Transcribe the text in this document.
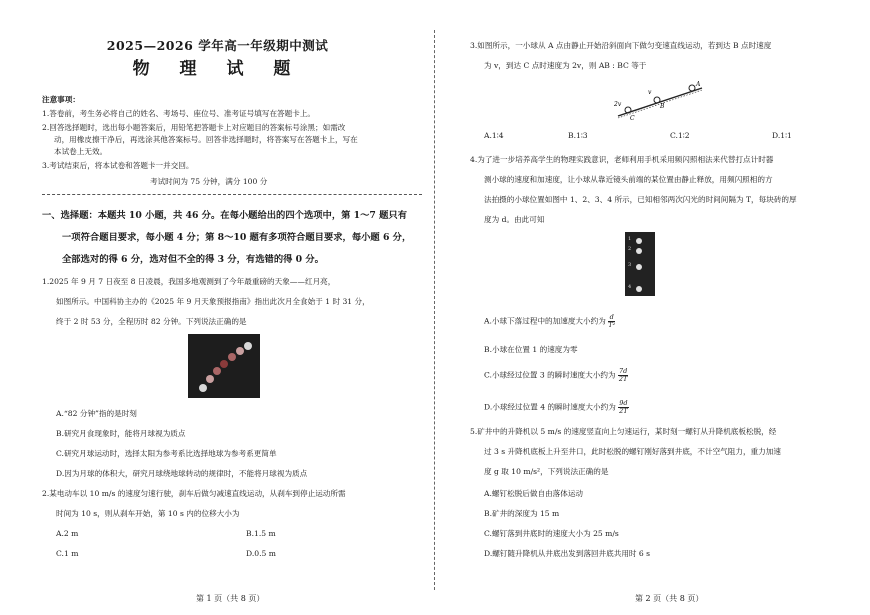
2025—2026 学年高一年级期中测试
物 理 试 题
注意事项：
1.答卷前，考生务必将自己的姓名、考场号、座位号、准考证号填写在答题卡上。
2.回答选择题时，选出每小题答案后，用铅笔把答题卡上对应题目的答案标号涂黑；如需改
动，用橡皮擦干净后，再选涂其他答案标号。回答非选择题时，将答案写在答题卡上，写在
本试卷上无效。
3.考试结束后，将本试卷和答题卡一并交回。
考试时间为 75 分钟，满分 100 分
一、选择题：本题共 10 小题，共 46 分。在每小题给出的四个选项中，第 1～7 题只有
一项符合题目要求，每小题 4 分；第 8～10 题有多项符合题目要求，每小题 6 分，
全部选对的得 6 分，选对但不全的得 3 分，有选错的得 0 分。
1.2025 年 9 月 7 日夜至 8 日凌晨，我国多地观测到了今年最重磅的天象——红月亮，
如图所示。中国科协主办的《2025 年 9 月天象预报指南》指出此次月全食始于 1 时 31 分，
终于 2 时 53 分，全程历时 82 分钟。下列说法正确的是
A.“82 分钟”指的是时刻
B.研究月食现象时，能将月球视为质点
C.研究月球运动时，选择太阳为参考系比选择地球为参考系更简单
D.因为月球的体积大，研究月球绕地球转动的规律时，不能将月球视为质点
2.某电动车以 10 m/s 的速度匀速行驶，刹车后做匀减速直线运动，从刹车到停止运动所需
时间为 10 s，则从刹车开始，第 10 s 内的位移大小为
A.2 m	B.1.5 m
C.1 m	D.0.5 m
第 1 页（共 8 页）	第 2 页（共 8 页）
3.如图所示，一小球从 A 点由静止开始沿斜面向下做匀变速直线运动，若到达 B 点时速度
为 v，到达 C 点时速度为 2v，则 AB : BC 等于
2v
v
A
B
C
A.1∶4	B.1∶3	C.1∶2	D.1∶1
4.为了进一步培养高学生的物理实践意识，老师利用手机采用频闪照相法来代替打点计时器
测小球的速度和加速度，让小球从靠近镜头前端的某位置由静止释放，用频闪照相的方
法拍摄的小球位置如图中 1、2、3、4 所示，已知相邻两次闪光的时间间隔为 T，每块砖的厚
度为 d。由此可知
1
2
3
4
A.小球下落过程中的加速度大小约为 $\frac{d}{\text{T²}}$
B.小球在位置 1 的速度为零
C.小球经过位置 3 的瞬时速度大小约为 $\frac{7d}{2T}$
D.小球经过位置 4 的瞬时速度大小约为 $\frac{9d}{2T}$
5.矿井中的升降机以 5 m/s 的速度竖直向上匀速运行，某时刻一螺钉从升降机底板松脱，经
过 3 s 升降机底板上升至井口，此时松脱的螺钉刚好落到井底，不计空气阻力，重力加速
度 g 取 10 m/s²，下列说法正确的是
A.螺钉松脱后做自由落体运动
B.矿井的深度为 15 m
C.螺钉落到井底时的速度大小为 25 m/s
D.螺钉随升降机从井底出发到落回井底共用时 6 s
